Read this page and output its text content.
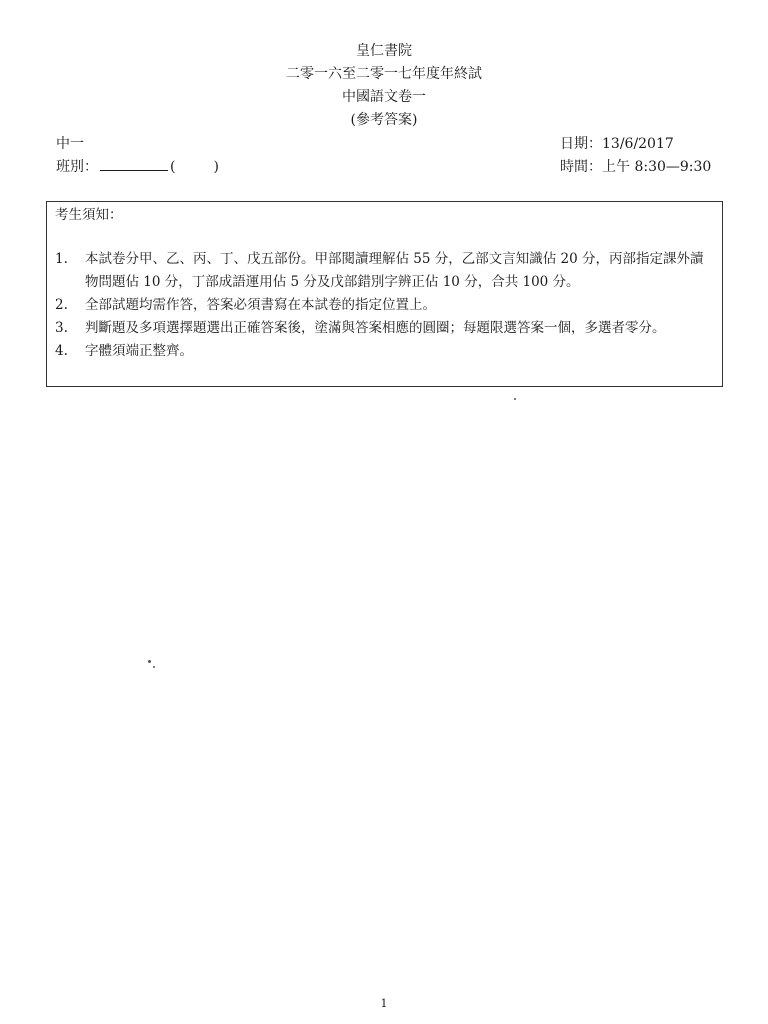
皇仁書院
二零一六至二零一七年度年終試
中國語文卷一
(參考答案)
中一
班別：	(	)
日期：13/6/2017
時間：上午 8:30—9:30
考生須知：
1. 本試卷分甲、乙、丙、丁、戊五部份。甲部閱讀理解佔 55 分，乙部文言知識佔 20 分，丙部指定課外讀物問題佔 10 分，丁部成語運用佔 5 分及戊部錯別字辨正佔 10 分，合共 100 分。
2. 全部試題均需作答，答案必須書寫在本試卷的指定位置上。
3. 判斷題及多項選擇題選出正確答案後，塗滿與答案相應的圓圈；每題限選答案一個，多選者零分。
4. 字體須端正整齊。
1
